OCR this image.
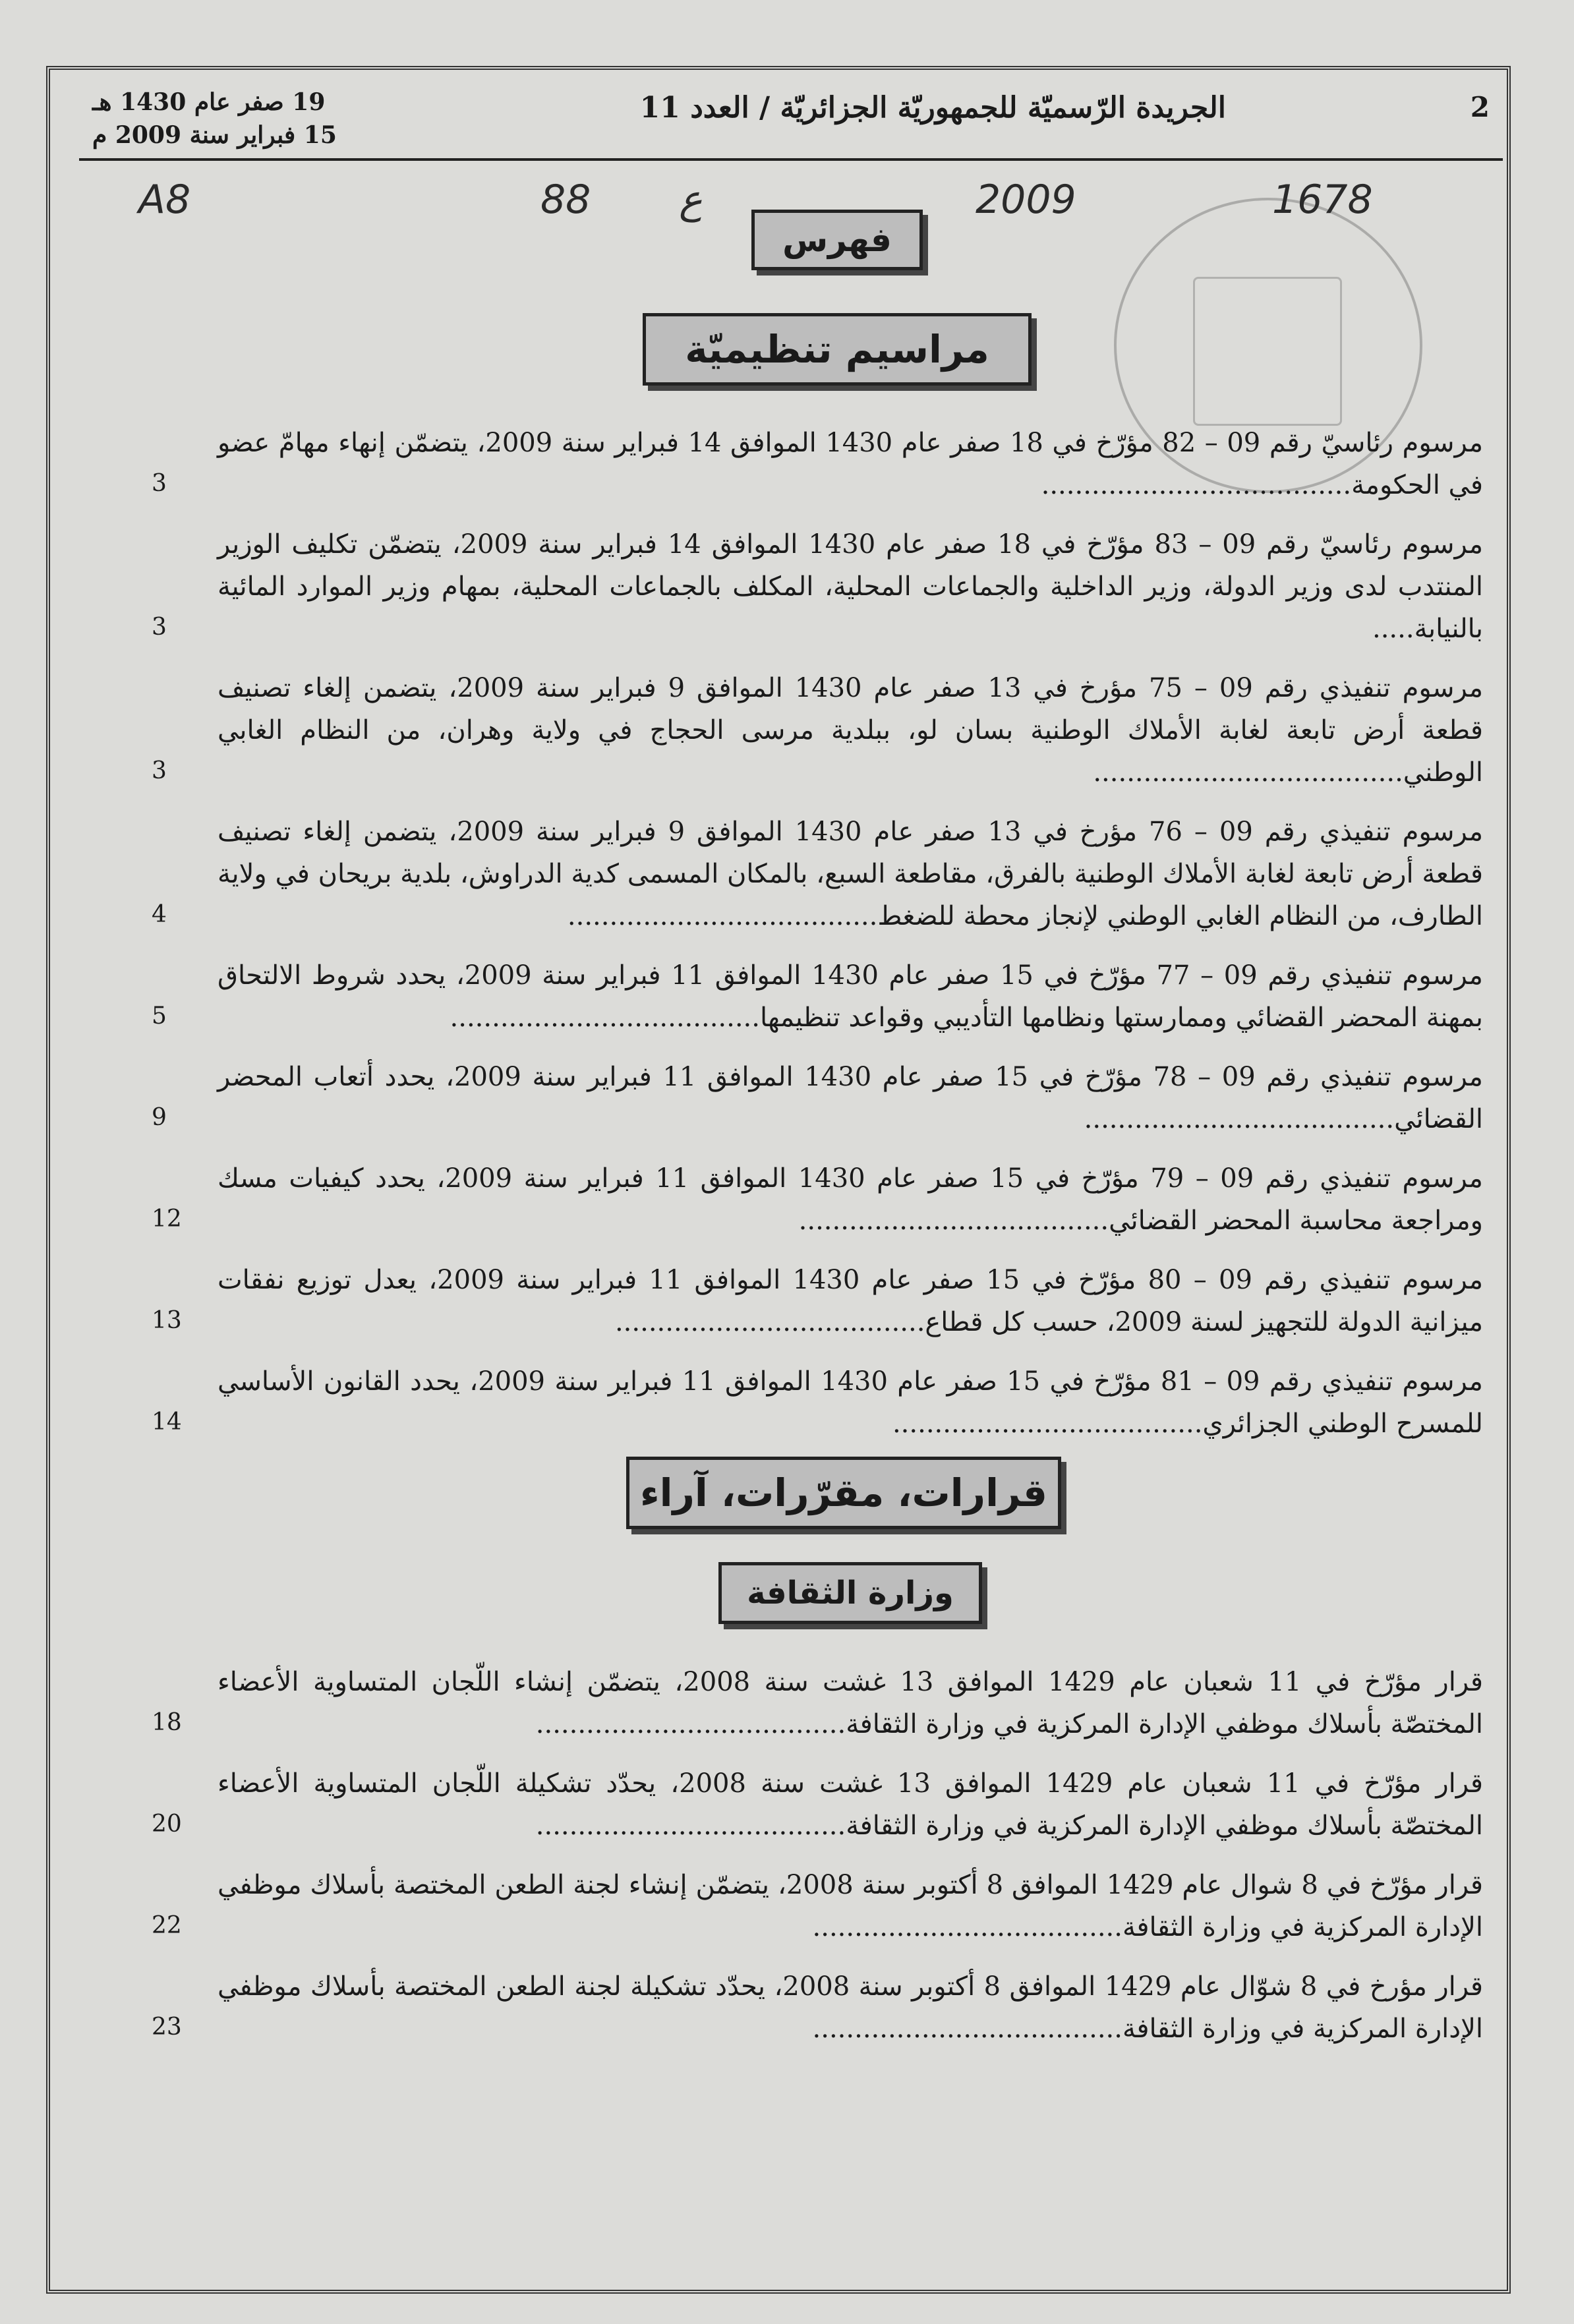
2
الجريدة الرّسميّة للجمهوريّة الجزائريّة / العدد 11
19 صفر عام 1430 هـ
15 فبراير سنة 2009 م
1678
2009
ع
88
A8
فهرس
مراسيم تنظيميّة
مرسوم رئاسيّ رقم 09 – 82 مؤرّخ في 18 صفر عام 1430 الموافق 14 فبراير سنة 2009، يتضمّن إنهاء مهامّ عضو في الحكومة.....................................
3
مرسوم رئاسيّ رقم 09 – 83 مؤرّخ في 18 صفر عام 1430 الموافق 14 فبراير سنة 2009، يتضمّن تكليف الوزير المنتدب لدى وزير الدولة، وزير الداخلية والجماعات المحلية، المكلف بالجماعات المحلية، بمهام وزير الموارد المائية بالنيابة.....
3
مرسوم تنفيذي رقم 09 – 75 مؤرخ في 13 صفر عام 1430 الموافق 9 فبراير سنة 2009، يتضمن إلغاء تصنيف قطعة أرض تابعة لغابة الأملاك الوطنية بسان لو، ببلدية مرسى الحجاج في ولاية وهران، من النظام الغابي الوطني.....................................
3
مرسوم تنفيذي رقم 09 – 76 مؤرخ في 13 صفر عام 1430 الموافق 9 فبراير سنة 2009، يتضمن إلغاء تصنيف قطعة أرض تابعة لغابة الأملاك الوطنية بالفرق، مقاطعة السبع، بالمكان المسمى كدية الدراوش، بلدية بريحان في ولاية الطارف، من النظام الغابي الوطني لإنجاز محطة للضغط.....................................
4
مرسوم تنفيذي رقم 09 – 77 مؤرّخ في 15 صفر عام 1430 الموافق 11 فبراير سنة 2009، يحدد شروط الالتحاق بمهنة المحضر القضائي وممارستها ونظامها التأديبي وقواعد تنظيمها.....................................
5
مرسوم تنفيذي رقم 09 – 78 مؤرّخ في 15 صفر عام 1430 الموافق 11 فبراير سنة 2009، يحدد أتعاب المحضر القضائي.....................................
9
مرسوم تنفيذي رقم 09 – 79 مؤرّخ في 15 صفر عام 1430 الموافق 11 فبراير سنة 2009، يحدد كيفيات مسك ومراجعة محاسبة المحضر القضائي.....................................
12
مرسوم تنفيذي رقم 09 – 80 مؤرّخ في 15 صفر عام 1430 الموافق 11 فبراير سنة 2009، يعدل توزيع نفقات ميزانية الدولة للتجهيز لسنة 2009، حسب كل قطاع.....................................
13
مرسوم تنفيذي رقم 09 – 81 مؤرّخ في 15 صفر عام 1430 الموافق 11 فبراير سنة 2009، يحدد القانون الأساسي للمسرح الوطني الجزائري.....................................
14
قرارات، مقرّرات، آراء
وزارة الثقافة
قرار مؤرّخ في 11 شعبان عام 1429 الموافق 13 غشت سنة 2008، يتضمّن إنشاء اللّجان المتساوية الأعضاء المختصّة بأسلاك موظفي الإدارة المركزية في وزارة الثقافة.....................................
18
قرار مؤرّخ في 11 شعبان عام 1429 الموافق 13 غشت سنة 2008، يحدّد تشكيلة اللّجان المتساوية الأعضاء المختصّة بأسلاك موظفي الإدارة المركزية في وزارة الثقافة.....................................
20
قرار مؤرّخ في 8 شوال عام 1429 الموافق 8 أكتوبر سنة 2008، يتضمّن إنشاء لجنة الطعن المختصة بأسلاك موظفي الإدارة المركزية في وزارة الثقافة.....................................
22
قرار مؤرخ في 8 شوّال عام 1429 الموافق 8 أكتوبر سنة 2008، يحدّد تشكيلة لجنة الطعن المختصة بأسلاك موظفي الإدارة المركزية في وزارة الثقافة.....................................
23
